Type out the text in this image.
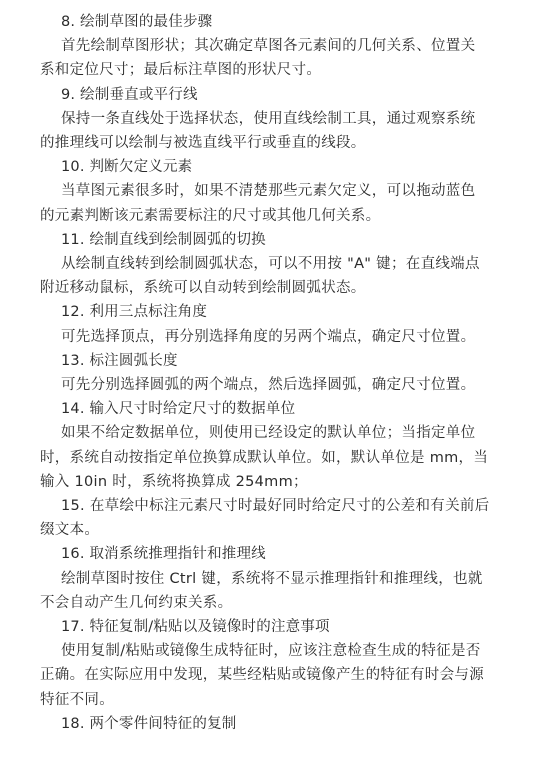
8. 绘制草图的最佳步骤

首先绘制草图形状；其次确定草图各元素间的几何关系、位置关
系和定位尺寸；最后标注草图的形状尺寸。

9. 绘制垂直或平行线

保持一条直线处于选择状态，使用直线绘制工具，通过观察系统
的推理线可以绘制与被选直线平行或垂直的线段。

10. 判断欠定义元素

当草图元素很多时，如果不清楚那些元素欠定义，可以拖动蓝色
的元素判断该元素需要标注的尺寸或其他几何关系。

11. 绘制直线到绘制圆弧的切换

从绘制直线转到绘制圆弧状态，可以不用按 "A" 键；在直线端点
附近移动鼠标，系统可以自动转到绘制圆弧状态。

12. 利用三点标注角度

可先选择顶点，再分别选择角度的另两个端点，确定尺寸位置。

13. 标注圆弧长度

可先分别选择圆弧的两个端点，然后选择圆弧，确定尺寸位置。

14. 输入尺寸时给定尺寸的数据单位

如果不给定数据单位，则使用已经设定的默认单位；当指定单位
时，系统自动按指定单位换算成默认单位。如，默认单位是 mm，当
输入 10in 时，系统将换算成 254mm；

15. 在草绘中标注元素尺寸时最好同时给定尺寸的公差和有关前后
缀文本。

16. 取消系统推理指针和推理线

绘制草图时按住 Ctrl 键，系统将不显示推理指针和推理线，也就
不会自动产生几何约束关系。

17. 特征复制/粘贴以及镜像时的注意事项

使用复制/粘贴或镜像生成特征时，应该注意检查生成的特征是否
正确。在实际应用中发现，某些经粘贴或镜像产生的特征有时会与源
特征不同。

18. 两个零件间特征的复制
